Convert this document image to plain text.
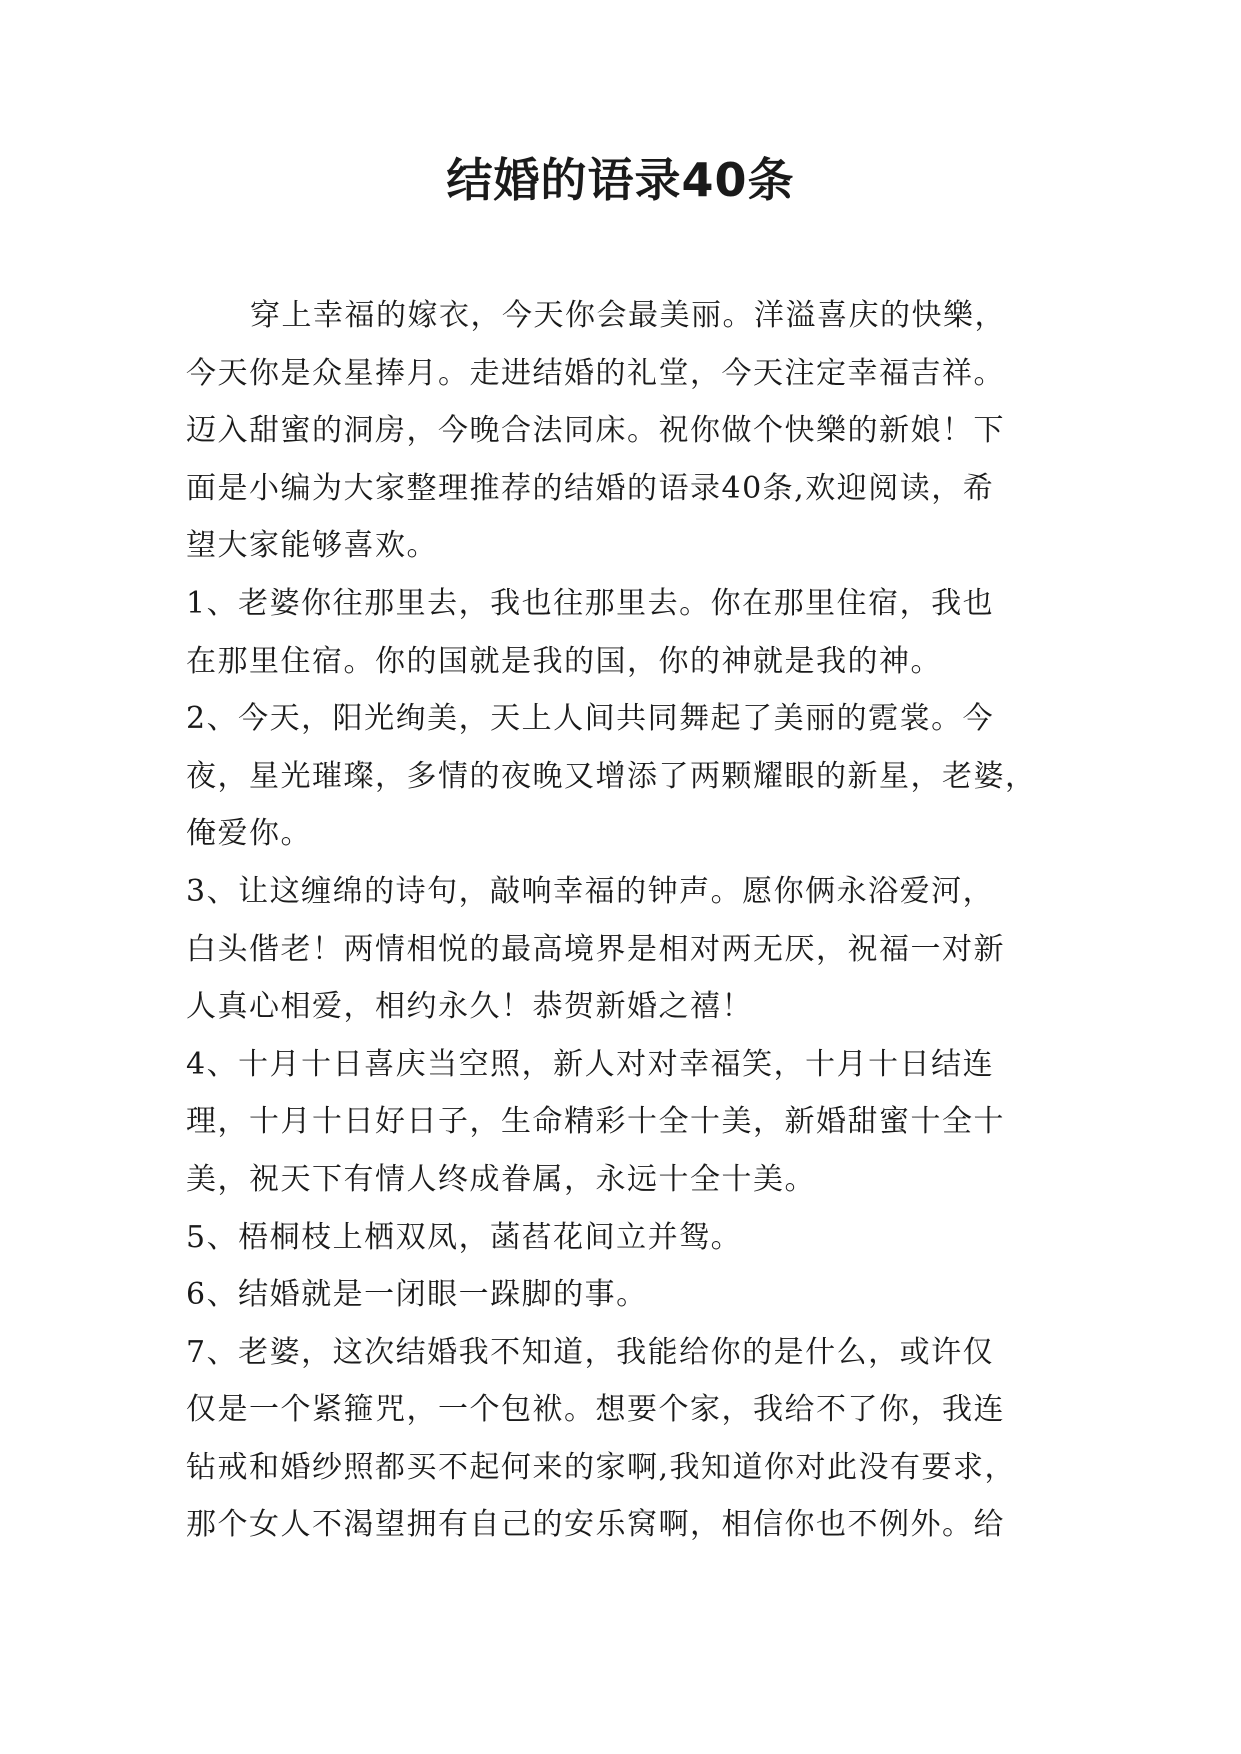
结婚的语录40条
穿上幸福的嫁衣，今天你会最美丽。洋溢喜庆的快樂，
今天你是众星捧月。走进结婚的礼堂，今天注定幸福吉祥。
迈入甜蜜的洞房，今晚合法同床。祝你做个快樂的新娘！下
面是小编为大家整理推荐的结婚的语录40条,欢迎阅读，希
望大家能够喜欢。
1、老婆你往那里去，我也往那里去。你在那里住宿，我也
在那里住宿。你的国就是我的国，你的神就是我的神。
2、今天，阳光绚美，天上人间共同舞起了美丽的霓裳。今
夜，星光璀璨，多情的夜晚又增添了两颗耀眼的新星，老婆，
俺爱你。
3、让这缠绵的诗句，敲响幸福的钟声。愿你俩永浴爱河，
白头偕老！两情相悦的最高境界是相对两无厌，祝福一对新
人真心相爱，相约永久！恭贺新婚之禧！
4、十月十日喜庆当空照，新人对对幸福笑，十月十日结连
理，十月十日好日子，生命精彩十全十美，新婚甜蜜十全十
美，祝天下有情人终成眷属，永远十全十美。
5、梧桐枝上栖双凤，菡萏花间立并鸳。
6、结婚就是一闭眼一跺脚的事。
7、老婆，这次结婚我不知道，我能给你的是什么，或许仅
仅是一个紧箍咒，一个包袱。想要个家，我给不了你，我连
钻戒和婚纱照都买不起何来的家啊,我知道你对此没有要求，
那个女人不渴望拥有自己的安乐窝啊，相信你也不例外。给
